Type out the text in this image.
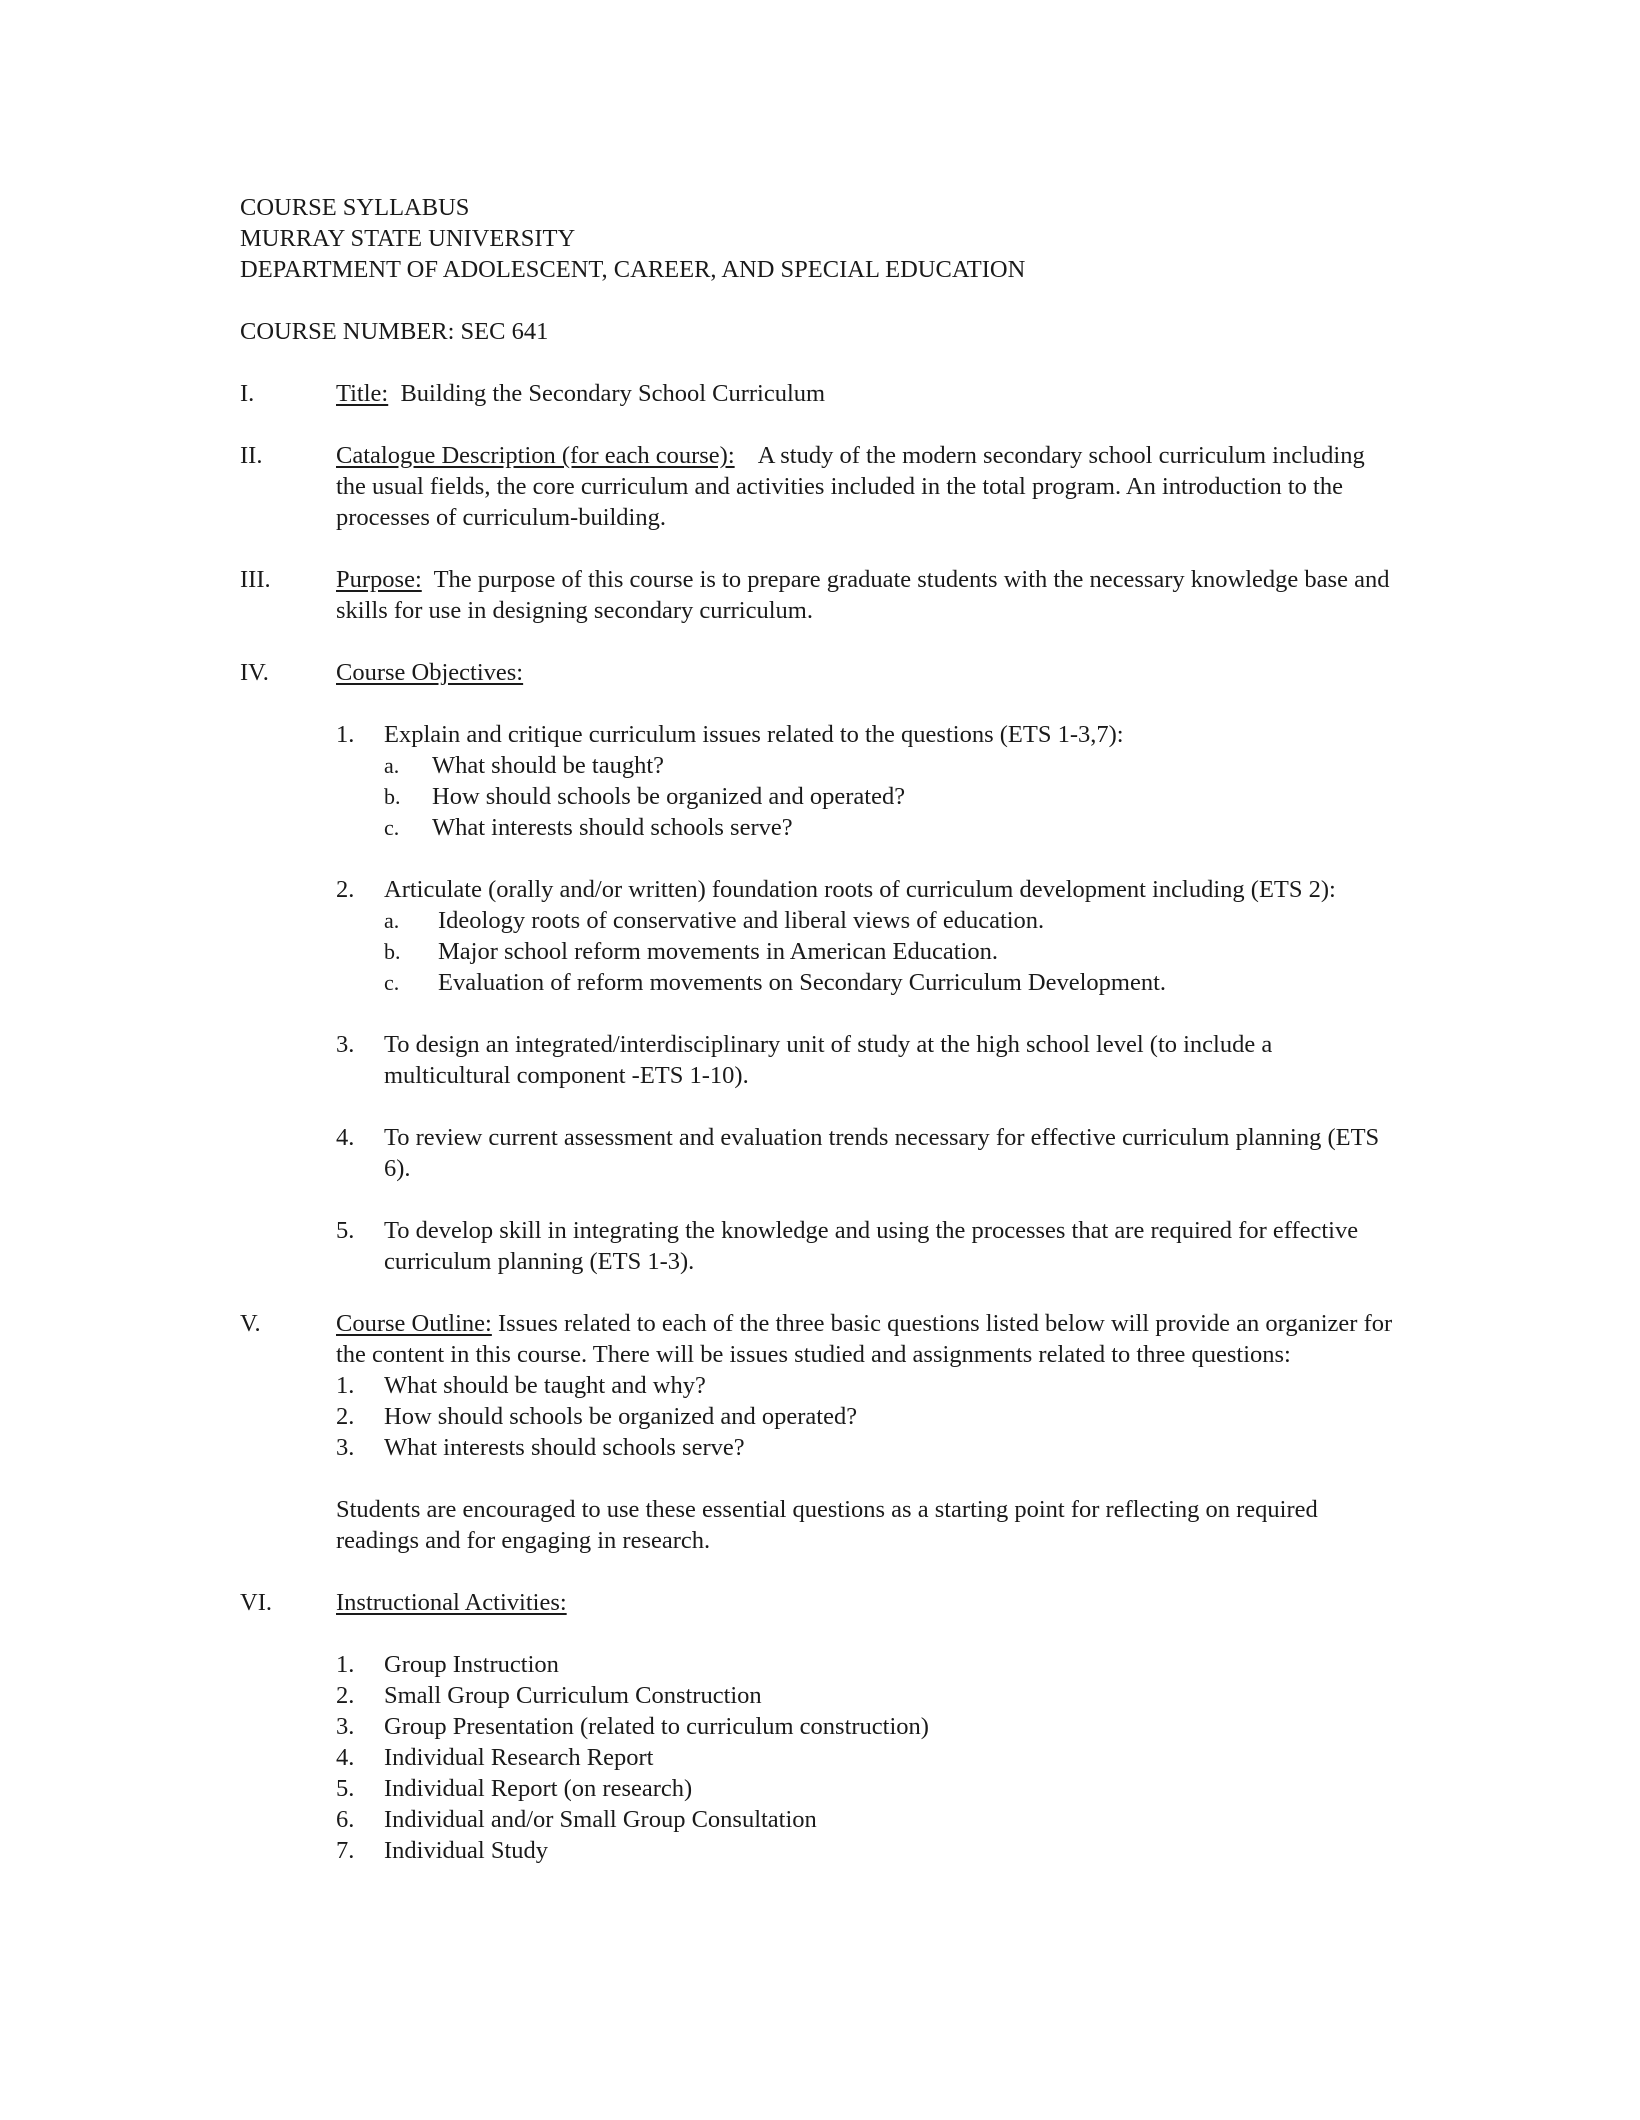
COURSE SYLLABUS
MURRAY STATE UNIVERSITY
DEPARTMENT OF ADOLESCENT, CAREER, AND SPECIAL EDUCATION
COURSE NUMBER: SEC 641
I.	Title: Building the Secondary School Curriculum
II.	Catalogue Description (for each course): A study of the modern secondary school curriculum including the usual fields, the core curriculum and activities included in the total program. An introduction to the processes of curriculum-building.
III.	Purpose: The purpose of this course is to prepare graduate students with the necessary knowledge base and skills for use in designing secondary curriculum.
IV.	Course Objectives:
1. Explain and critique curriculum issues related to the questions (ETS 1-3,7):
a. What should be taught?
b. How should schools be organized and operated?
c. What interests should schools serve?
2. Articulate (orally and/or written) foundation roots of curriculum development including (ETS 2):
a. Ideology roots of conservative and liberal views of education.
b. Major school reform movements in American Education.
c. Evaluation of reform movements on Secondary Curriculum Development.
3. To design an integrated/interdisciplinary unit of study at the high school level (to include a multicultural component -ETS 1-10).
4. To review current assessment and evaluation trends necessary for effective curriculum planning (ETS 6).
5. To develop skill in integrating the knowledge and using the processes that are required for effective curriculum planning (ETS 1-3).
V.	Course Outline: Issues related to each of the three basic questions listed below will provide an organizer for the content in this course. There will be issues studied and assignments related to three questions:
1. What should be taught and why?
2. How should schools be organized and operated?
3. What interests should schools serve?
Students are encouraged to use these essential questions as a starting point for reflecting on required readings and for engaging in research.
VI.	Instructional Activities:
1. Group Instruction
2. Small Group Curriculum Construction
3. Group Presentation (related to curriculum construction)
4. Individual Research Report
5. Individual Report (on research)
6. Individual and/or Small Group Consultation
7. Individual Study
